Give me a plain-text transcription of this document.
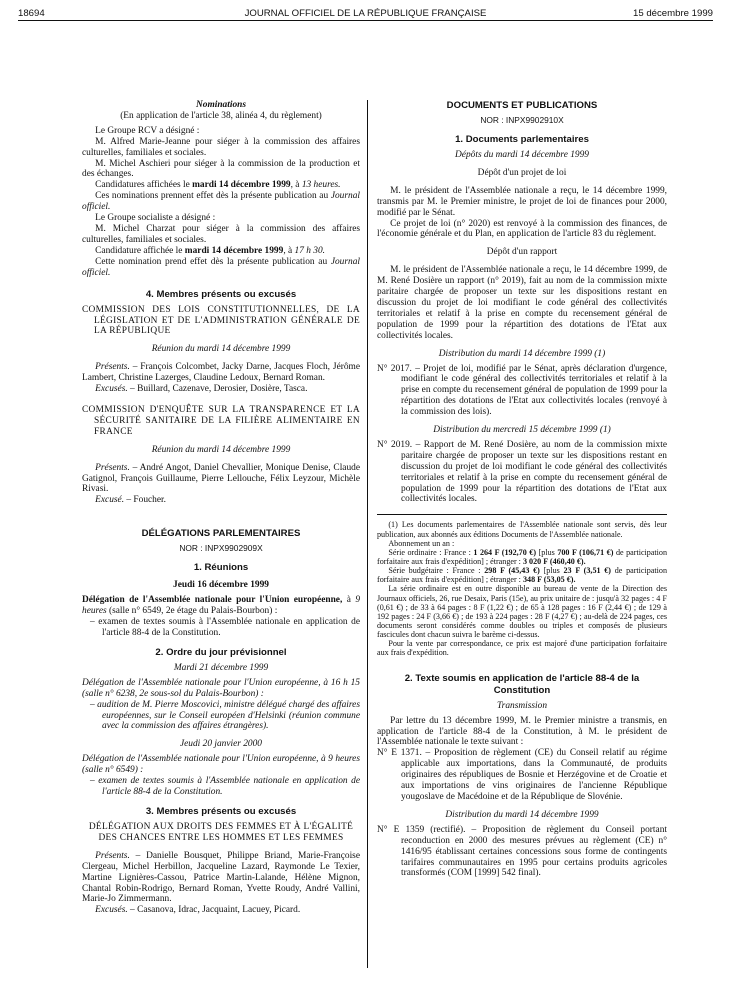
18694	JOURNAL OFFICIEL DE LA RÉPUBLIQUE FRANÇAISE	15 décembre 1999

Nominations

(En application de l'article 38, alinéa 4, du règlement)

Le Groupe RCV a désigné :

M. Alfred Marie-Jeanne pour siéger à la commission des affaires culturelles, familiales et sociales.

M. Michel Aschieri pour siéger à la commission de la production et des échanges.

Candidatures affichées le mardi 14 décembre 1999, à 13 heures.

Ces nominations prennent effet dès la présente publication au Journal officiel.

Le Groupe socialiste a désigné :

M. Michel Charzat pour siéger à la commission des affaires culturelles, familiales et sociales.

Candidature affichée le mardi 14 décembre 1999, à 17 h 30.

Cette nomination prend effet dès la présente publication au Journal officiel.

4. Membres présents ou excusés

COMMISSION DES LOIS CONSTITUTIONNELLES, DE LA LÉGISLATION ET DE L'ADMINISTRATION GÉNÉRALE DE LA RÉPUBLIQUE

Réunion du mardi 14 décembre 1999

Présents. – François Colcombet, Jacky Darne, Jacques Floch, Jérôme Lambert, Christine Lazerges, Claudine Ledoux, Bernard Roman.

Excusés. – Buillard, Cazenave, Derosier, Dosière, Tasca.

COMMISSION D'ENQUÊTE SUR LA TRANSPARENCE ET LA SÉCURITÉ SANITAIRE DE LA FILIÈRE ALIMENTAIRE EN FRANCE

Réunion du mardi 14 décembre 1999

Présents. – André Angot, Daniel Chevallier, Monique Denise, Claude Gatignol, François Guillaume, Pierre Lellouche, Félix Leyzour, Michèle Rivasi.

Excusé. – Foucher.

DÉLÉGATIONS PARLEMENTAIRES
NOR : INPX9902909X
1. Réunions

Jeudi 16 décembre 1999

Délégation de l'Assemblée nationale pour l'Union européenne, à 9 heures (salle n° 6549, 2e étage du Palais-Bourbon) :

– examen de textes soumis à l'Assemblée nationale en application de l'article 88-4 de la Constitution.

2. Ordre du jour prévisionnel

Mardi 21 décembre 1999

Délégation de l'Assemblée nationale pour l'Union européenne, à 16 h 15 (salle n° 6238, 2e sous-sol du Palais-Bourbon) :

– audition de M. Pierre Moscovici, ministre délégué chargé des affaires européennes, sur le Conseil européen d'Helsinki (réunion commune avec la commission des affaires étrangères).

Jeudi 20 janvier 2000

Délégation de l'Assemblée nationale pour l'Union européenne, à 9 heures (salle n° 6549) :

– examen de textes soumis à l'Assemblée nationale en application de l'article 88-4 de la Constitution.

3. Membres présents ou excusés

DÉLÉGATION AUX DROITS DES FEMMES ET À L'ÉGALITÉ DES CHANCES ENTRE LES HOMMES ET LES FEMMES

Présents. – Danielle Bousquet, Philippe Briand, Marie-Françoise Clergeau, Michel Herbillon, Jacqueline Lazard, Raymonde Le Texier, Martine Lignières-Cassou, Patrice Martin-Lalande, Hélène Mignon, Chantal Robin-Rodrigo, Bernard Roman, Yvette Roudy, André Vallini, Marie-Jo Zimmermann.

Excusés. – Casanova, Idrac, Jacquaint, Lacuey, Picard.

DOCUMENTS ET PUBLICATIONS
NOR : INPX9902910X
1. Documents parlementaires

Dépôts du mardi 14 décembre 1999

Dépôt d'un projet de loi

M. le président de l'Assemblée nationale a reçu, le 14 décembre 1999, transmis par M. le Premier ministre, le projet de loi de finances pour 2000, modifié par le Sénat.

Ce projet de loi (n° 2020) est renvoyé à la commission des finances, de l'économie générale et du Plan, en application de l'article 83 du règlement.

Dépôt d'un rapport

M. le président de l'Assemblée nationale a reçu, le 14 décembre 1999, de M. René Dosière un rapport (n° 2019), fait au nom de la commission mixte paritaire chargée de proposer un texte sur les dispositions restant en discussion du projet de loi modifiant le code général des collectivités territoriales et relatif à la prise en compte du recensement général de population de 1999 pour la répartition des dotations de l'Etat aux collectivités locales.

Distribution du mardi 14 décembre 1999 (1)

N° 2017. – Projet de loi, modifié par le Sénat, après déclaration d'urgence, modifiant le code général des collectivités territoriales et relatif à la prise en compte du recensement général de population de 1999 pour la répartition des dotations de l'Etat aux collectivités locales (renvoyé à la commission des lois).

Distribution du mercredi 15 décembre 1999 (1)

N° 2019. – Rapport de M. René Dosière, au nom de la commission mixte paritaire chargée de proposer un texte sur les dispositions restant en discussion du projet de loi modifiant le code général des collectivités territoriales et relatif à la prise en compte du recensement général de population de 1999 pour la répartition des dotations de l'Etat aux collectivités locales.

(1) Les documents parlementaires de l'Assemblée nationale sont servis, dès leur publication, aux abonnés aux éditions Documents de l'Assemblée nationale.

Abonnement un an :

Série ordinaire : France : 1 264 F (192,70 €) [plus 700 F (106,71 €) de participation forfaitaire aux frais d'expédition] ; étranger : 3 020 F (460,40 €).

Série budgétaire : France : 298 F (45,43 €) [plus 23 F (3,51 €) de participation forfaitaire aux frais d'expédition] ; étranger : 348 F (53,05 €).

La série ordinaire est en outre disponible au bureau de vente de la Direction des Journaux officiels, 26, rue Desaix, Paris (15e), au prix unitaire de : jusqu'à 32 pages : 4 F (0,61 €) ; de 33 à 64 pages : 8 F (1,22 €) ; de 65 à 128 pages : 16 F (2,44 €) ; de 129 à 192 pages : 24 F (3,66 €) ; de 193 à 224 pages : 28 F (4,27 €) ; au-delà de 224 pages, ces documents seront considérés comme doubles ou triples et composés de plusieurs fascicules dont chacun suivra le barème ci-dessus.

Pour la vente par correspondance, ce prix est majoré d'une participation forfaitaire aux frais d'expédition.

2. Texte soumis en application de l'article 88-4 de la Constitution

Transmission

Par lettre du 13 décembre 1999, M. le Premier ministre a transmis, en application de l'article 88-4 de la Constitution, à M. le président de l'Assemblée nationale le texte suivant :

N° E 1371. – Proposition de règlement (CE) du Conseil relatif au régime applicable aux importations, dans la Communauté, de produits originaires des républiques de Bosnie et Herzégovine et de Croatie et aux importations de vins originaires de l'ancienne République yougoslave de Macédoine et de la République de Slovénie.

Distribution du mardi 14 décembre 1999

N° E 1359 (rectifié). – Proposition de règlement du Conseil portant reconduction en 2000 des mesures prévues au règlement (CE) n° 1416/95 établissant certaines concessions sous forme de contingents tarifaires communautaires en 1995 pour certains produits agricoles transformés (COM [1999] 542 final).
